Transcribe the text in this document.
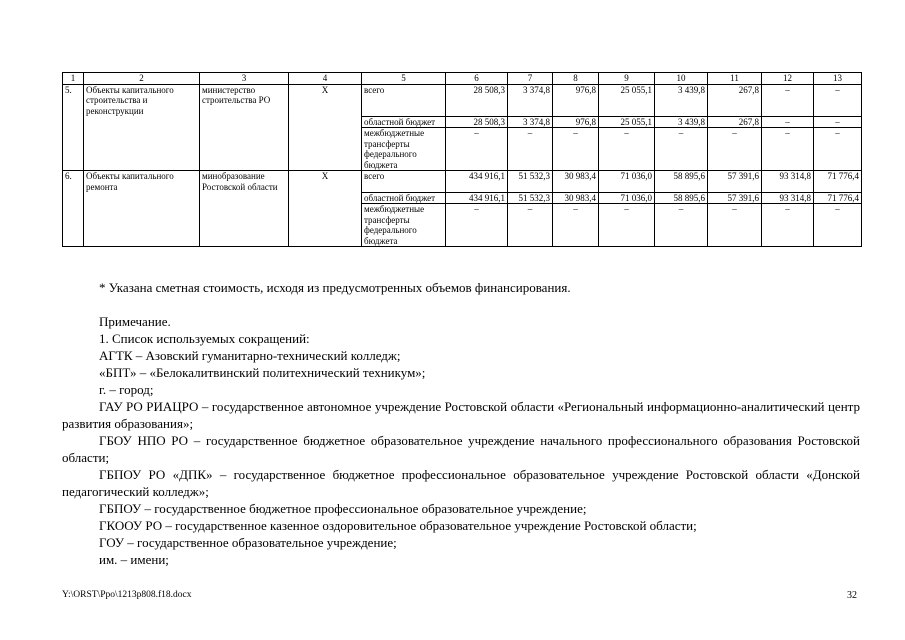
1	2	3	4	5	6	7	8	9	10	11	12	13
5.	Объекты капитального строительства и реконструкции	министерство строительства РО	Х	всего	28 508,3	3 374,8	976,8	25 055,1	3 439,8	267,8	–	–
				областной бюджет	28 508,3	3 374,8	976,8	25 055,1	3 439,8	267,8	–	–
				межбюджетные трансферты федерального бюджета	–	–	–	–	–	–	–	–
6.	Объекты капитального ремонта	минобразование Ростовской области	Х	всего	434 916,1	51 532,3	30 983,4	71 036,0	58 895,6	57 391,6	93 314,8	71 776,4
				областной бюджет	434 916,1	51 532,3	30 983,4	71 036,0	58 895,6	57 391,6	93 314,8	71 776,4
				межбюджетные трансферты федерального бюджета	–	–	–	–	–	–	–	–

* Указана сметная стоимость, исходя из предусмотренных объемов финансирования.

Примечание.

1. Список используемых сокращений:

АГТК – Азовский гуманитарно-технический колледж;

«БПТ» – «Белокалитвинский политехнический техникум»;

г. – город;

ГАУ РО РИАЦРО – государственное автономное учреждение Ростовской области «Региональный информационно-аналитический центр развития образования»;

ГБОУ НПО РО – государственное бюджетное образовательное учреждение начального профессионального образования Ростовской области;

ГБПОУ РО «ДПК» – государственное бюджетное профессиональное образовательное учреждение Ростовской области «Донской педагогический колледж»;

ГБПОУ – государственное бюджетное профессиональное образовательное учреждение;

ГКООУ РО – государственное казенное оздоровительное образовательное учреждение Ростовской области;

ГОУ – государственное образовательное учреждение;

им. – имени;

Y:\ORST\Ppo\1213p808.f18.docx	32
